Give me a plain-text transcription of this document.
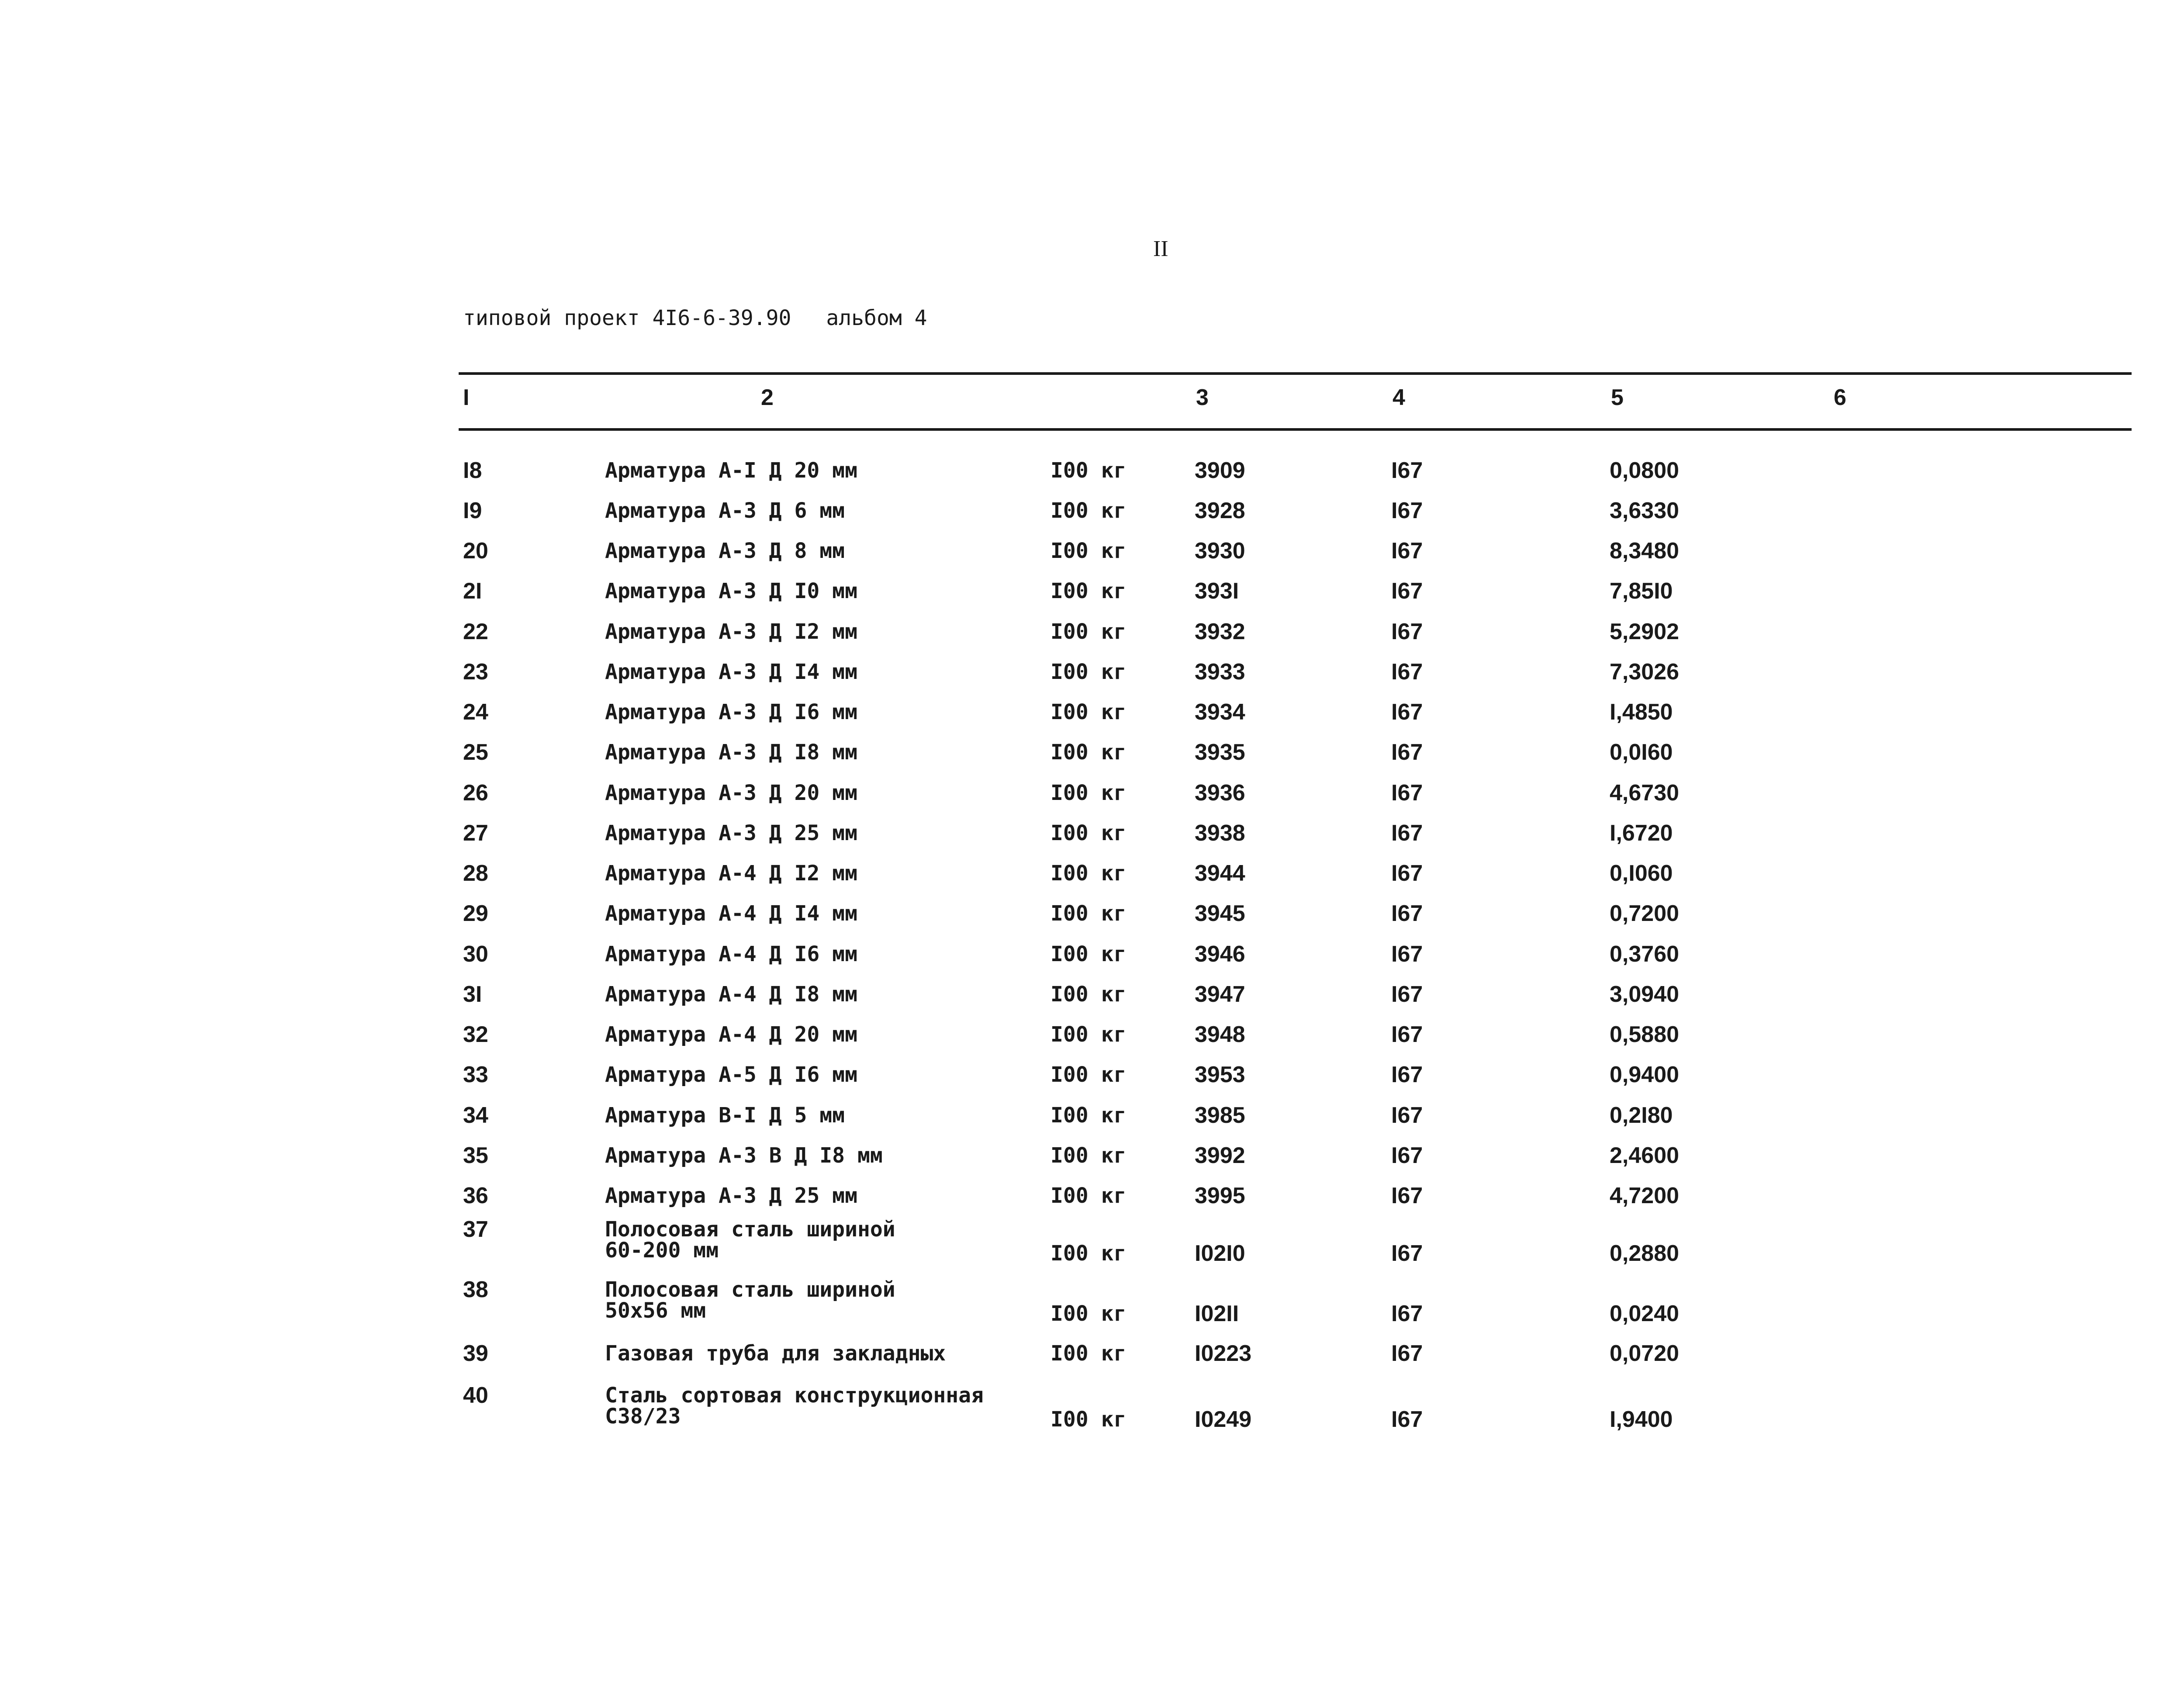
II
типовой проект 4I6-6-39.90 альбом 4
I	2	3	4	5	6
I8	Арматура А-I Д 20 мм	I00 кг	3909	I67	0,0800
I9	Арматура А-3 Д 6 мм	I00 кг	3928	I67	3,6330
20	Арматура А-3 Д 8 мм	I00 кг	3930	I67	8,3480
2I	Арматура А-3 Д I0 мм	I00 кг	393I	I67	7,85I0
22	Арматура А-3 Д I2 мм	I00 кг	3932	I67	5,2902
23	Арматура А-3 Д I4 мм	I00 кг	3933	I67	7,3026
24	Арматура А-3 Д I6 мм	I00 кг	3934	I67	I,4850
25	Арматура А-3 Д I8 мм	I00 кг	3935	I67	0,0I60
26	Арматура А-3 Д 20 мм	I00 кг	3936	I67	4,6730
27	Арматура А-3 Д 25 мм	I00 кг	3938	I67	I,6720
28	Арматура А-4 Д I2 мм	I00 кг	3944	I67	0,I060
29	Арматура А-4 Д I4 мм	I00 кг	3945	I67	0,7200
30	Арматура А-4 Д I6 мм	I00 кг	3946	I67	0,3760
3I	Арматура А-4 Д I8 мм	I00 кг	3947	I67	3,0940
32	Арматура А-4 Д 20 мм	I00 кг	3948	I67	0,5880
33	Арматура А-5 Д I6 мм	I00 кг	3953	I67	0,9400
34	Арматура В-I Д 5 мм	I00 кг	3985	I67	0,2I80
35	Арматура А-3 В Д I8 мм	I00 кг	3992	I67	2,4600
36	Арматура А-3 Д 25 мм	I00 кг	3995	I67	4,7200
37	Полосовая сталь шириной
60-200 мм	I00 кг	I02I0	I67	0,2880
38	Полосовая сталь шириной
50х56 мм	I00 кг	I02II	I67	0,0240
39	Газовая труба для закладных	I00 кг	I0223	I67	0,0720
40	Сталь сортовая конструкционная
С38/23	I00 кг	I0249	I67	I,9400
